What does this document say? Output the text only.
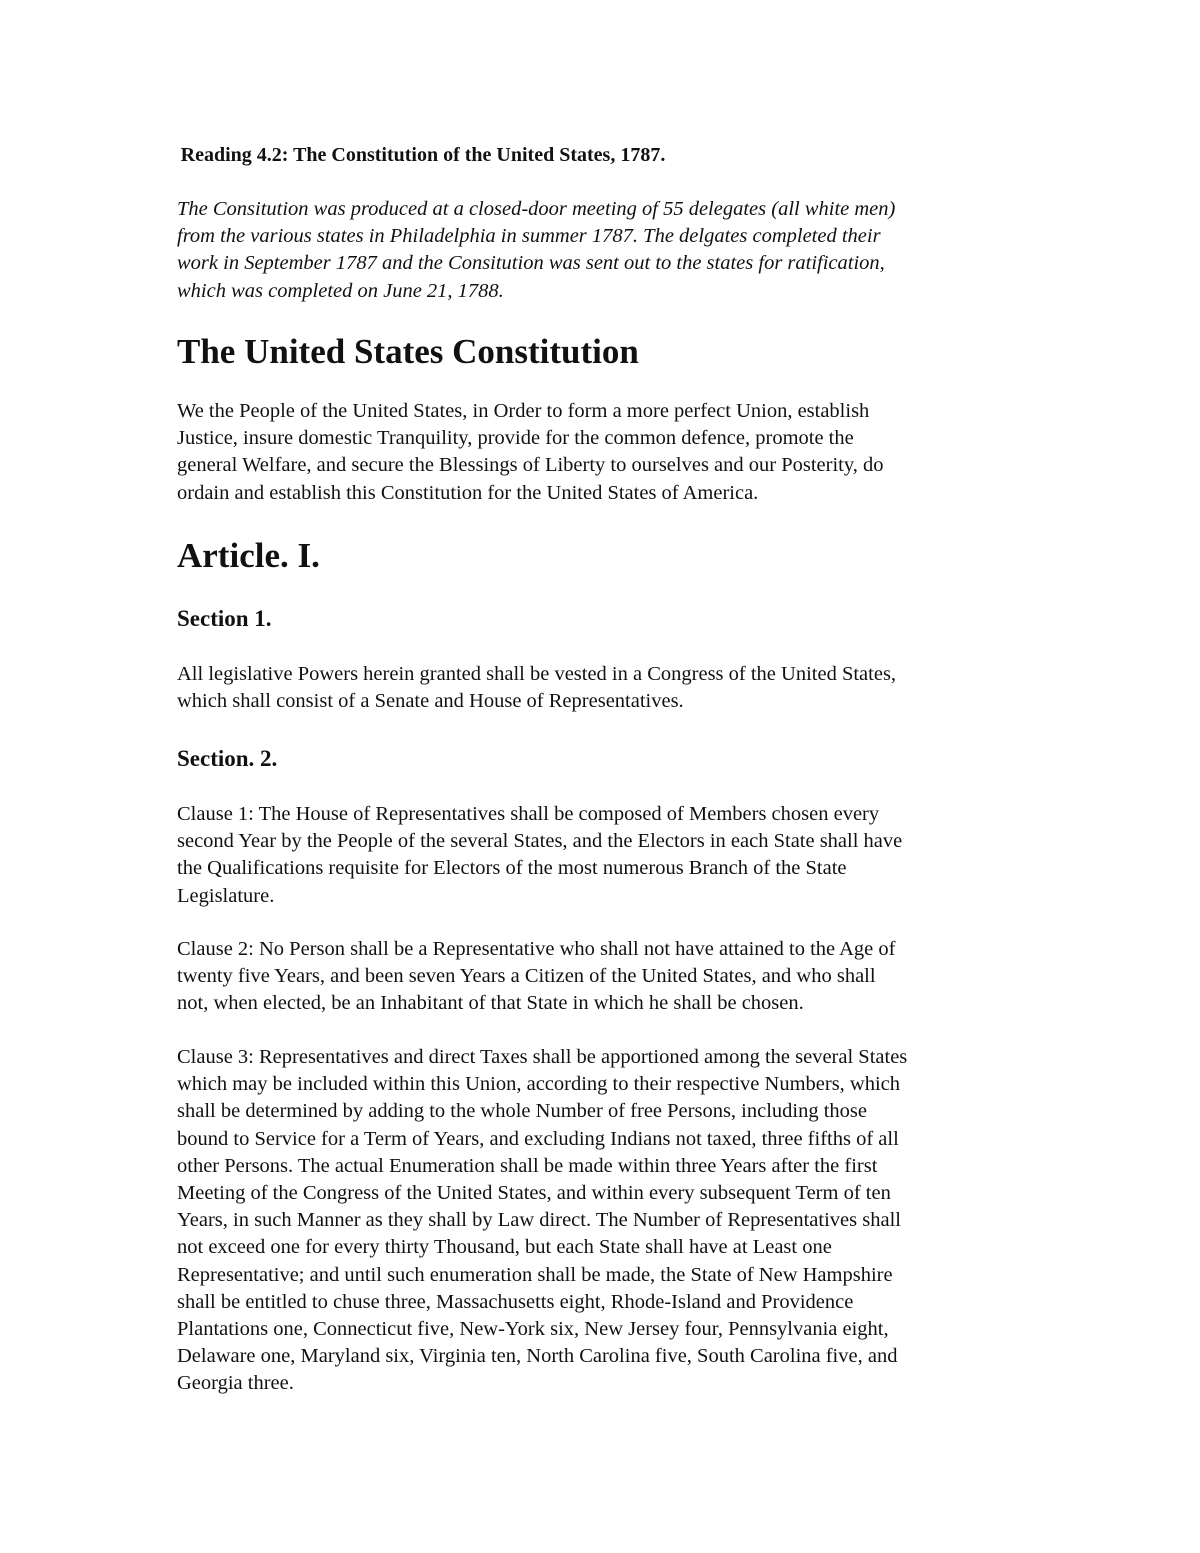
Reading 4.2: The Constitution of the United States, 1787.

The Consitution was produced at a closed-door meeting of 55 delegates (all white men)
from the various states in Philadelphia in summer 1787. The delgates completed their
work in September 1787 and the Consitution was sent out to the states for ratification,
which was completed on June 21, 1788.

The United States Constitution

We the People of the United States, in Order to form a more perfect Union, establish
Justice, insure domestic Tranquility, provide for the common defence, promote the
general Welfare, and secure the Blessings of Liberty to ourselves and our Posterity, do
ordain and establish this Constitution for the United States of America.

Article. I.
Section 1.

All legislative Powers herein granted shall be vested in a Congress of the United States,
which shall consist of a Senate and House of Representatives.

Section. 2.

Clause 1: The House of Representatives shall be composed of Members chosen every
second Year by the People of the several States, and the Electors in each State shall have
the Qualifications requisite for Electors of the most numerous Branch of the State
Legislature.

Clause 2: No Person shall be a Representative who shall not have attained to the Age of
twenty five Years, and been seven Years a Citizen of the United States, and who shall
not, when elected, be an Inhabitant of that State in which he shall be chosen.

Clause 3: Representatives and direct Taxes shall be apportioned among the several States
which may be included within this Union, according to their respective Numbers, which
shall be determined by adding to the whole Number of free Persons, including those
bound to Service for a Term of Years, and excluding Indians not taxed, three fifths of all
other Persons. The actual Enumeration shall be made within three Years after the first
Meeting of the Congress of the United States, and within every subsequent Term of ten
Years, in such Manner as they shall by Law direct. The Number of Representatives shall
not exceed one for every thirty Thousand, but each State shall have at Least one
Representative; and until such enumeration shall be made, the State of New Hampshire
shall be entitled to chuse three, Massachusetts eight, Rhode-Island and Providence
Plantations one, Connecticut five, New-York six, New Jersey four, Pennsylvania eight,
Delaware one, Maryland six, Virginia ten, North Carolina five, South Carolina five, and
Georgia three.
